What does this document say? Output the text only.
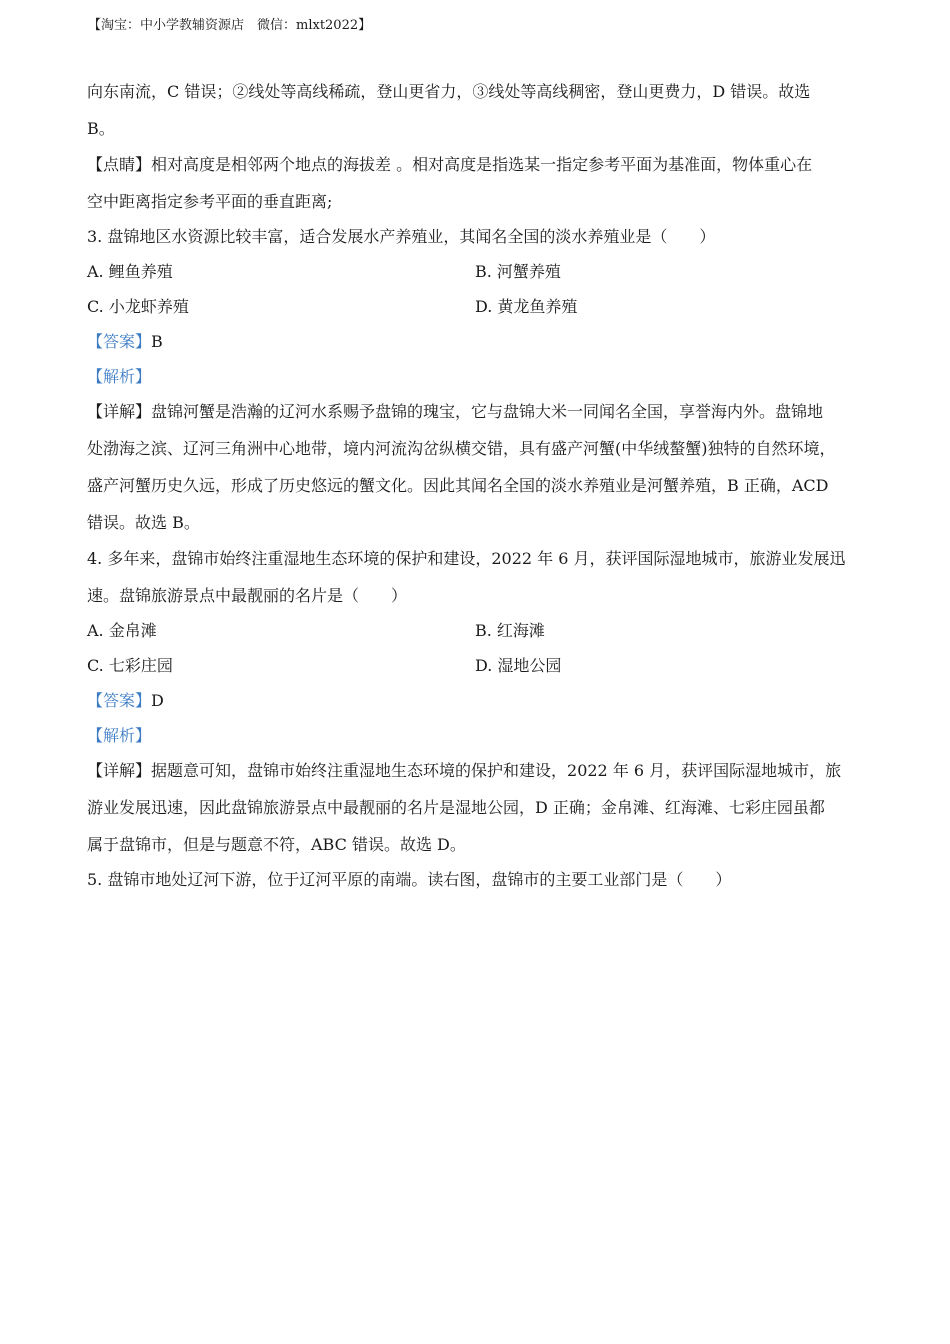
【淘宝：中小学教辅资源店　微信：mlxt2022】
向东南流，C 错误；②线处等高线稀疏，登山更省力，③线处等高线稠密，登山更费力，D 错误。故选
B。
【点睛】相对高度是相邻两个地点的海拔差 。相对高度是指选某一指定参考平面为基准面，物体重心在
空中距离指定参考平面的垂直距离;
3. 盘锦地区水资源比较丰富，适合发展水产养殖业，其闻名全国的淡水养殖业是（　　）
A. 鲤鱼养殖	B. 河蟹养殖
C. 小龙虾养殖	D. 黄龙鱼养殖
【答案】B
【解析】
【详解】盘锦河蟹是浩瀚的辽河水系赐予盘锦的瑰宝，它与盘锦大米一同闻名全国，享誉海内外。盘锦地
处渤海之滨、辽河三角洲中心地带，境内河流沟岔纵横交错，具有盛产河蟹(中华绒螯蟹)独特的自然环境，
盛产河蟹历史久远，形成了历史悠远的蟹文化。因此其闻名全国的淡水养殖业是河蟹养殖，B 正确，ACD
错误。故选 B。
4. 多年来，盘锦市始终注重湿地生态环境的保护和建设，2022 年 6 月，获评国际湿地城市，旅游业发展迅
速。盘锦旅游景点中最靓丽的名片是（　　）
A. 金帛滩	B. 红海滩
C. 七彩庄园	D. 湿地公园
【答案】D
【解析】
【详解】据题意可知，盘锦市始终注重湿地生态环境的保护和建设，2022 年 6 月，获评国际湿地城市，旅
游业发展迅速，因此盘锦旅游景点中最靓丽的名片是湿地公园，D 正确；金帛滩、红海滩、七彩庄园虽都
属于盘锦市，但是与题意不符，ABC 错误。故选 D。
5. 盘锦市地处辽河下游，位于辽河平原的南端。读右图，盘锦市的主要工业部门是（　　）
